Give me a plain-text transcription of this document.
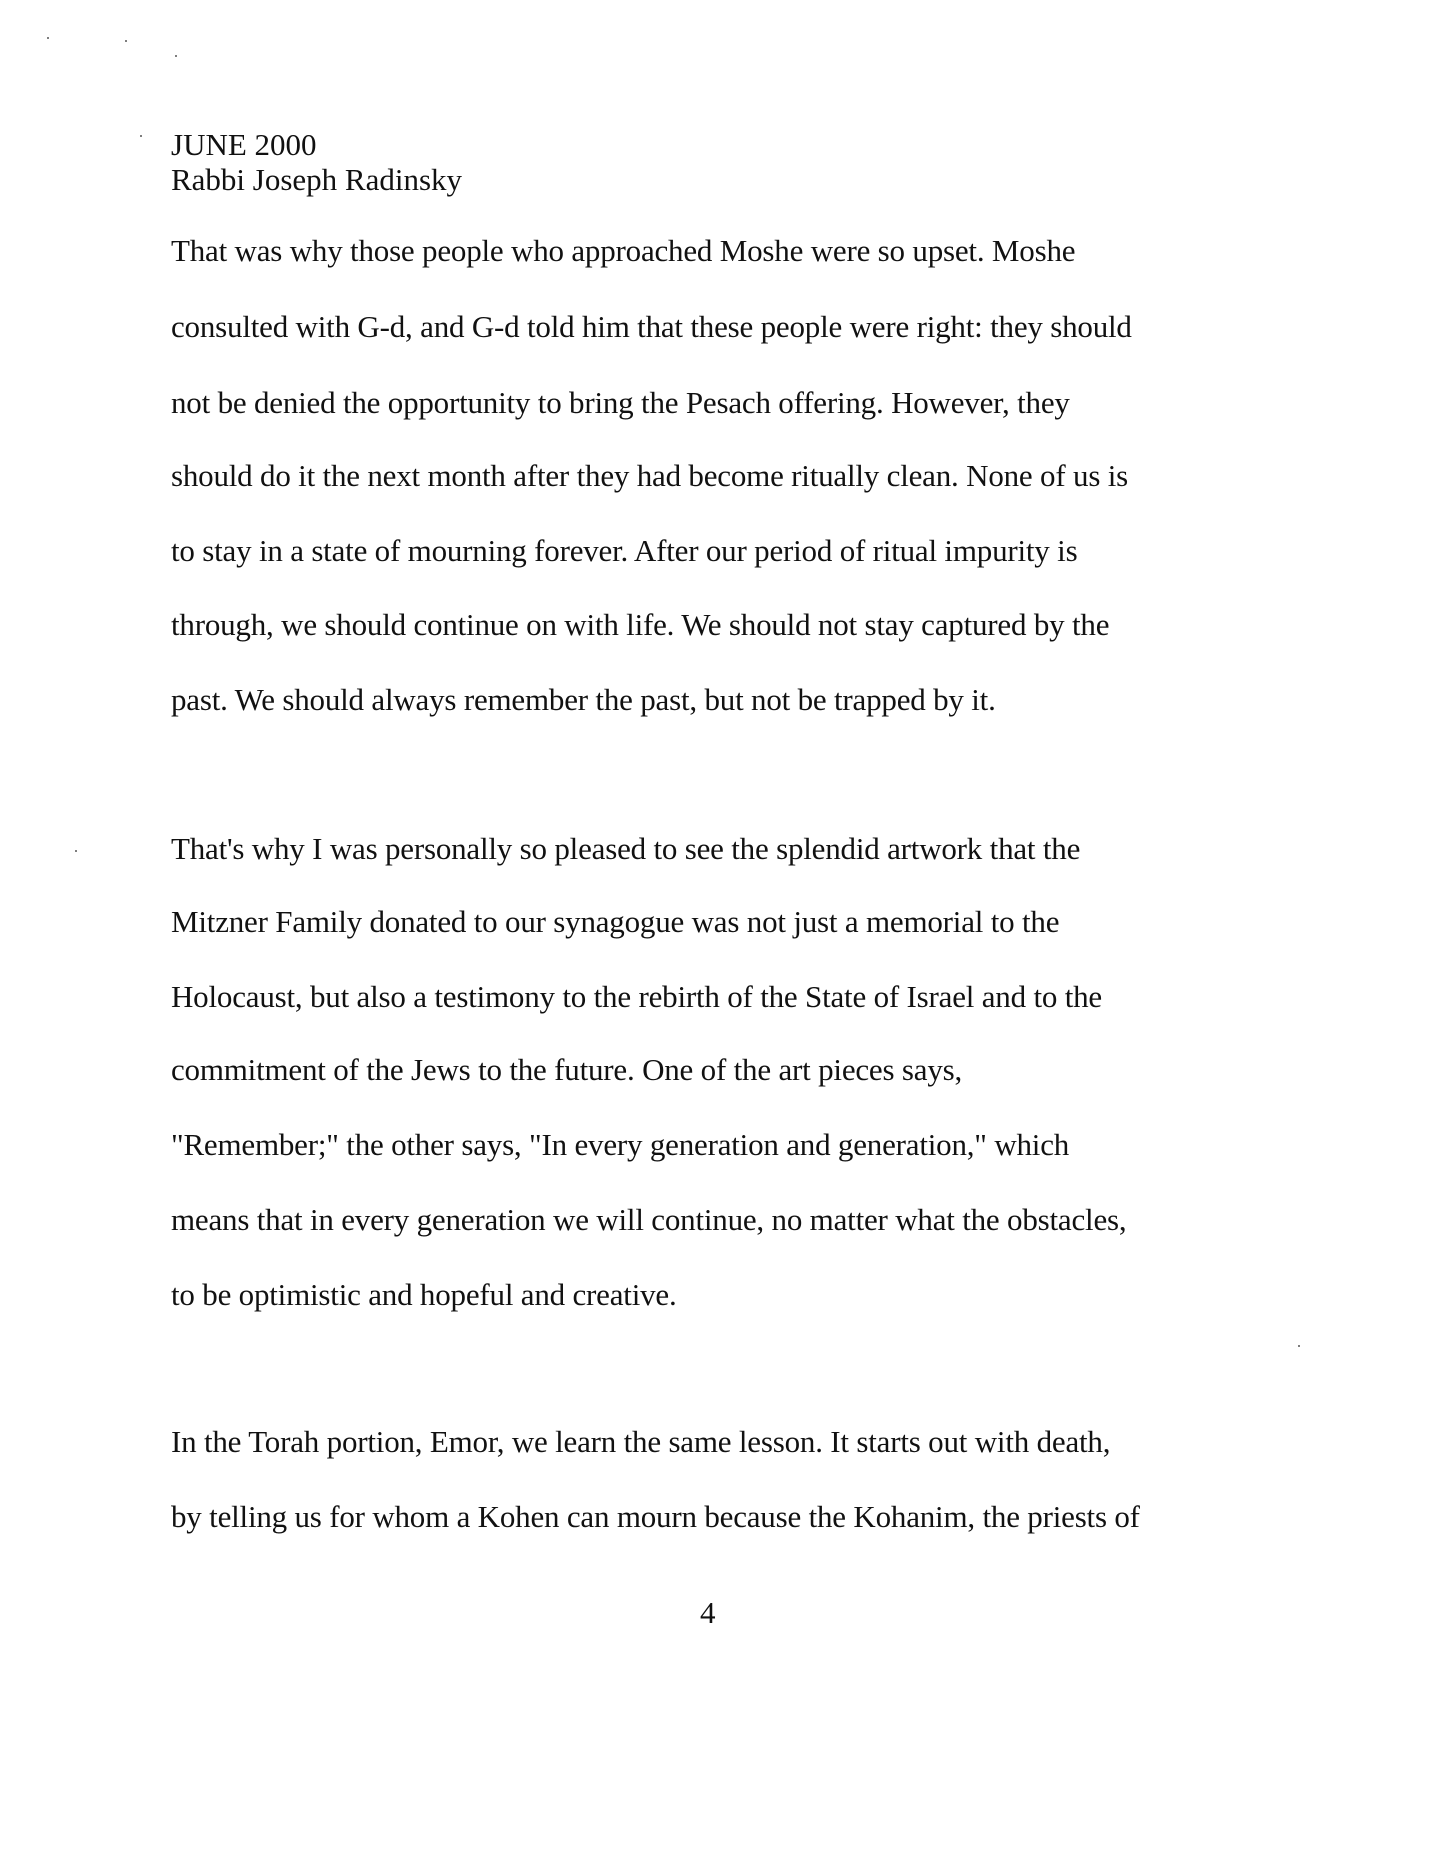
JUNE 2000
Rabbi Joseph Radinsky
That was why those people who approached Moshe were so upset. Moshe
consulted with G-d, and G-d told him that these people were right: they should
not be denied the opportunity to bring the Pesach offering. However, they
should do it the next month after they had become ritually clean. None of us is
to stay in a state of mourning forever. After our period of ritual impurity is
through, we should continue on with life. We should not stay captured by the
past. We should always remember the past, but not be trapped by it.
That's why I was personally so pleased to see the splendid artwork that the
Mitzner Family donated to our synagogue was not just a memorial to the
Holocaust, but also a testimony to the rebirth of the State of Israel and to the
commitment of the Jews to the future. One of the art pieces says,
"Remember;" the other says, "In every generation and generation," which
means that in every generation we will continue, no matter what the obstacles,
to be optimistic and hopeful and creative.
In the Torah portion, Emor, we learn the same lesson. It starts out with death,
by telling us for whom a Kohen can mourn because the Kohanim, the priests of
4
